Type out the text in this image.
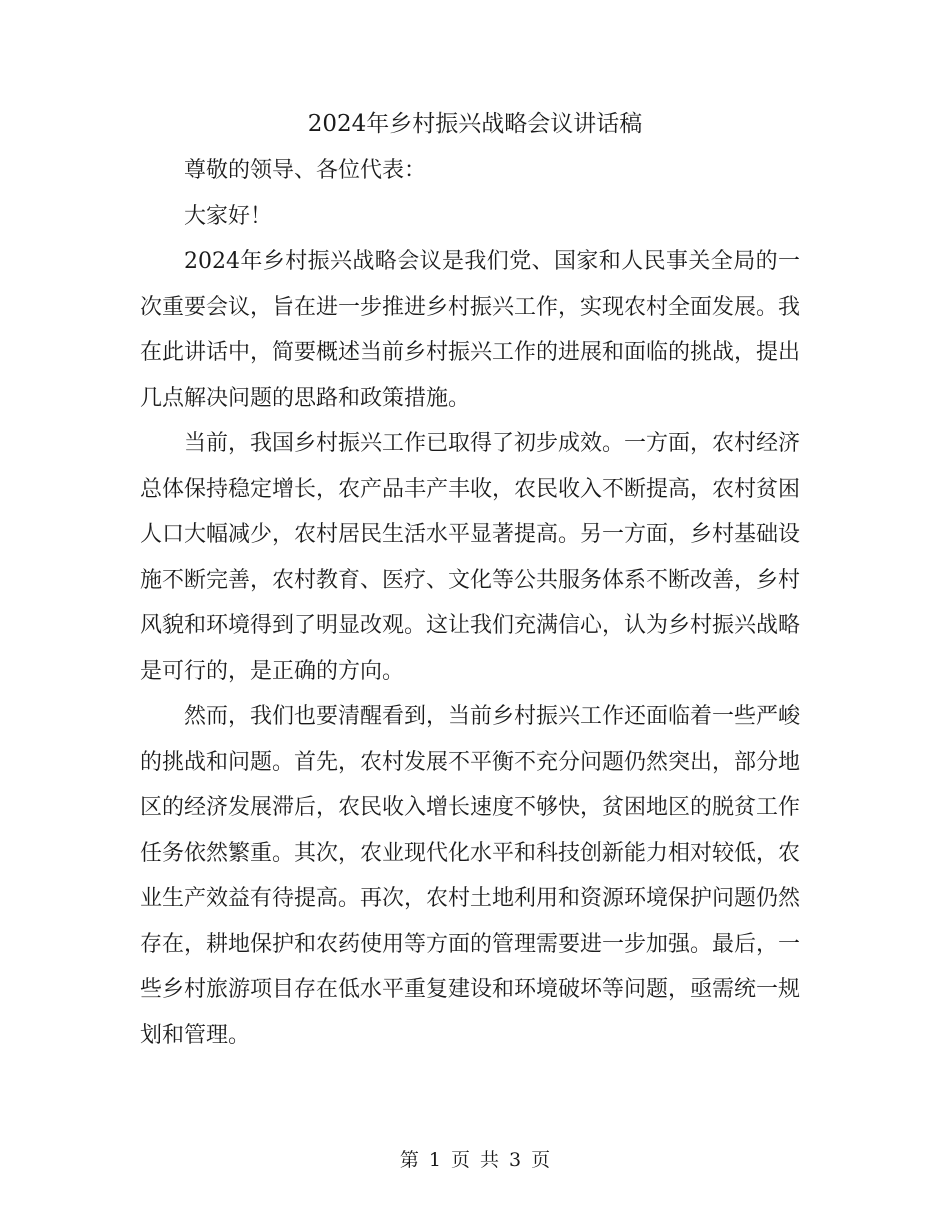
2024年乡村振兴战略会议讲话稿

尊敬的领导、各位代表：

大家好！

2024年乡村振兴战略会议是我们党、国家和人民事关全局的一次重要会议，旨在进一步推进乡村振兴工作，实现农村全面发展。我在此讲话中，简要概述当前乡村振兴工作的进展和面临的挑战，提出几点解决问题的思路和政策措施。

当前，我国乡村振兴工作已取得了初步成效。一方面，农村经济总体保持稳定增长，农产品丰产丰收，农民收入不断提高，农村贫困人口大幅减少，农村居民生活水平显著提高。另一方面，乡村基础设施不断完善，农村教育、医疗、文化等公共服务体系不断改善，乡村风貌和环境得到了明显改观。这让我们充满信心，认为乡村振兴战略是可行的，是正确的方向。

然而，我们也要清醒看到，当前乡村振兴工作还面临着一些严峻的挑战和问题。首先，农村发展不平衡不充分问题仍然突出，部分地区的经济发展滞后，农民收入增长速度不够快，贫困地区的脱贫工作任务依然繁重。其次，农业现代化水平和科技创新能力相对较低，农业生产效益有待提高。再次，农村土地利用和资源环境保护问题仍然存在，耕地保护和农药使用等方面的管理需要进一步加强。最后，一些乡村旅游项目存在低水平重复建设和环境破坏等问题，亟需统一规划和管理。

第 1 页 共 3 页
